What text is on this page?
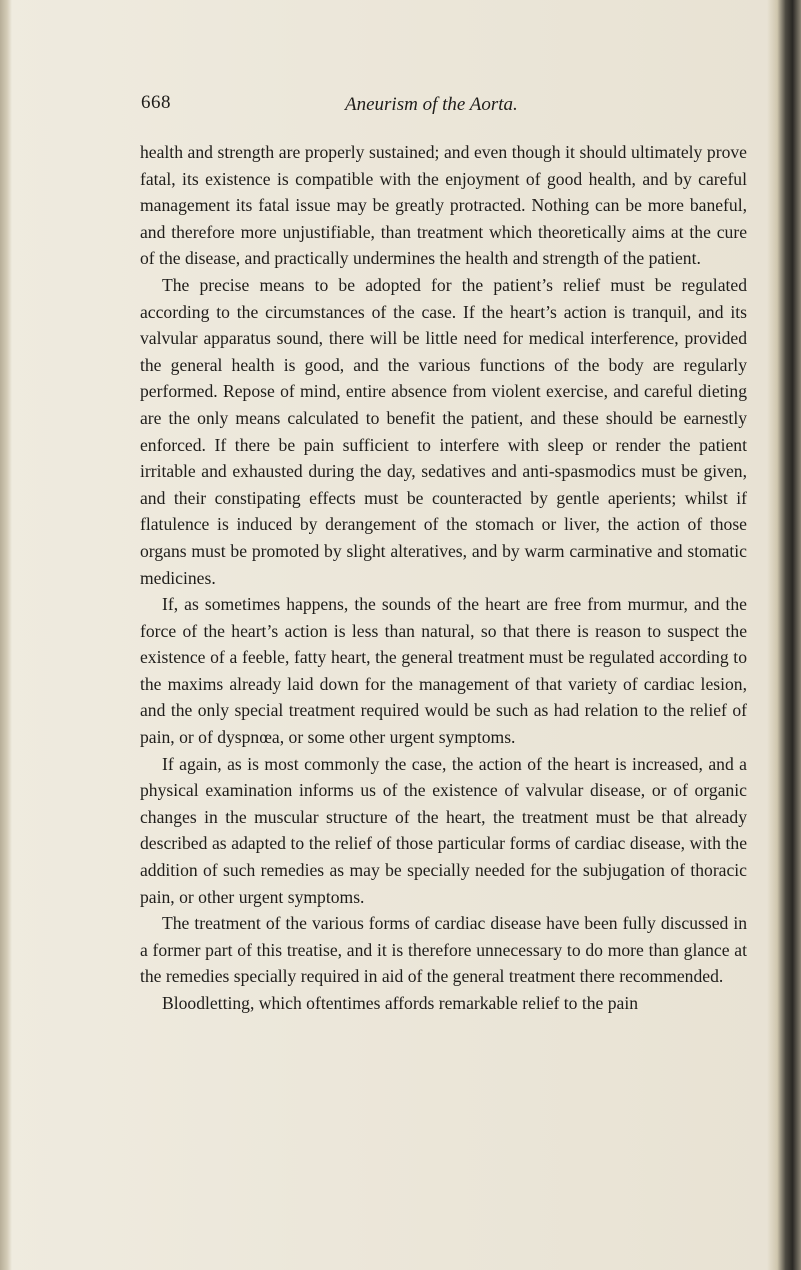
668	Aneurism of the Aorta.

health and strength are properly sustained; and even though it should ultimately prove fatal, its existence is compatible with the enjoyment of good health, and by careful management its fatal issue may be greatly protracted. Nothing can be more baneful, and therefore more unjustifiable, than treatment which theoretically aims at the cure of the disease, and practically undermines the health and strength of the patient.

The precise means to be adopted for the patient’s relief must be regulated according to the circumstances of the case. If the heart’s action is tranquil, and its valvular apparatus sound, there will be little need for medical interference, provided the general health is good, and the various functions of the body are regularly performed. Repose of mind, entire absence from violent exercise, and careful dieting are the only means calculated to benefit the patient, and these should be earnestly enforced. If there be pain sufficient to interfere with sleep or render the patient irritable and exhausted during the day, sedatives and anti-spasmodics must be given, and their constipating effects must be counteracted by gentle aperients; whilst if flatulence is induced by derangement of the stomach or liver, the action of those organs must be promoted by slight alteratives, and by warm carminative and stomatic medicines.

If, as sometimes happens, the sounds of the heart are free from murmur, and the force of the heart’s action is less than natural, so that there is reason to suspect the existence of a feeble, fatty heart, the general treatment must be regulated according to the maxims already laid down for the management of that variety of cardiac lesion, and the only special treatment required would be such as had relation to the relief of pain, or of dyspnœa, or some other urgent symptoms.

If again, as is most commonly the case, the action of the heart is increased, and a physical examination informs us of the existence of valvular disease, or of organic changes in the muscular structure of the heart, the treatment must be that already described as adapted to the relief of those particular forms of cardiac disease, with the addition of such remedies as may be specially needed for the subjugation of thoracic pain, or other urgent symptoms.

The treatment of the various forms of cardiac disease have been fully discussed in a former part of this treatise, and it is therefore unnecessary to do more than glance at the remedies specially required in aid of the general treatment there recommended.

Bloodletting, which oftentimes affords remarkable relief to the pain
